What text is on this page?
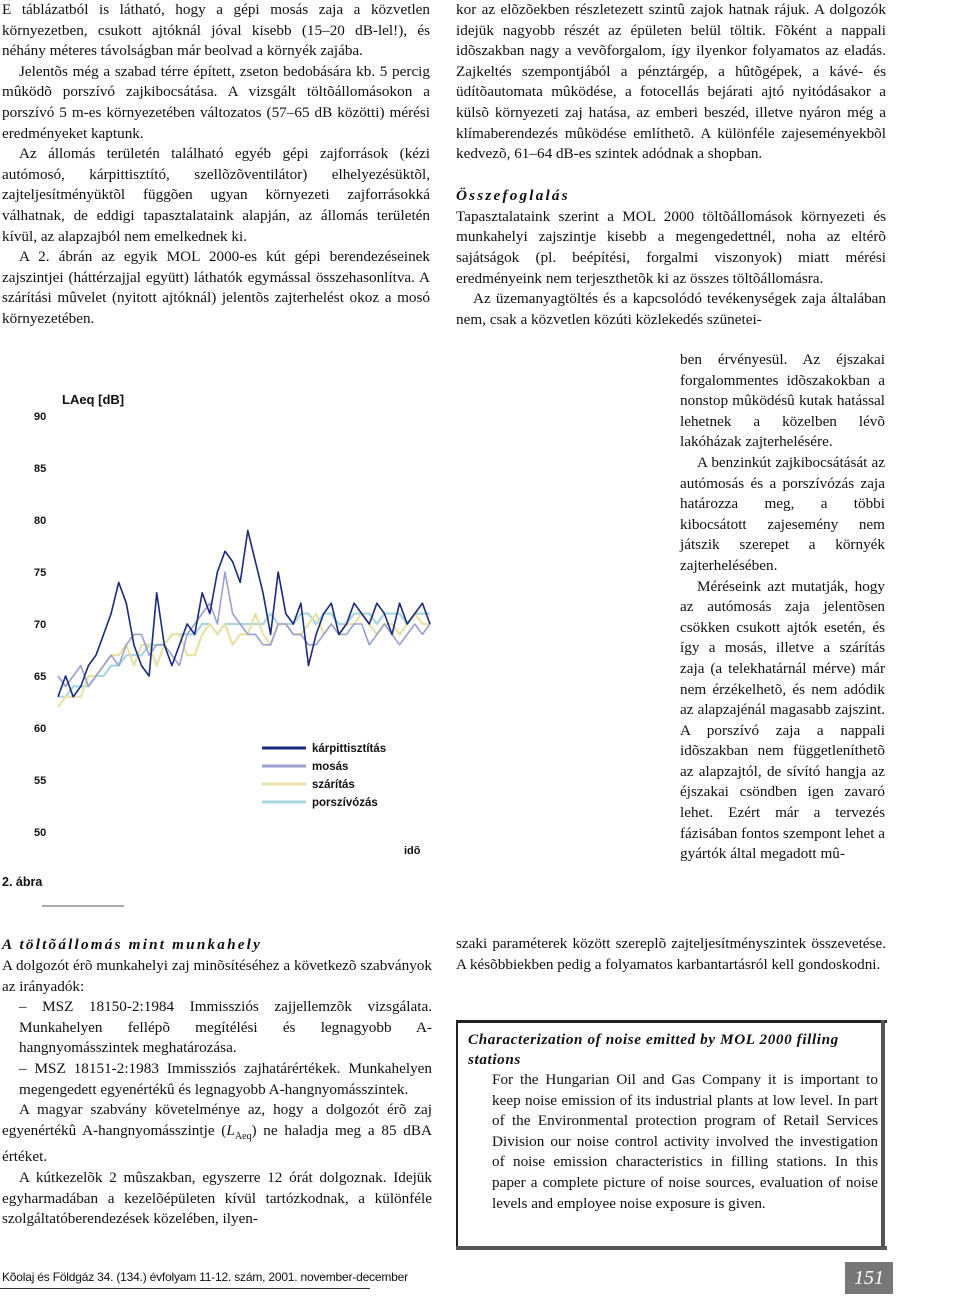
E táblázatból is látható, hogy a gépi mosás zaja a közvetlen környezetben, csukott ajtóknál jóval kisebb (15–20 dB-lel!), és néhány méteres távolságban már beolvad a környék zajába.

Jelentõs még a szabad térre épített, zseton bedobására kb. 5 percig mûködõ porszívó zajkibocsátása. A vizsgált töltõállomásokon a porszívó 5 m-es környezetében változatos (57–65 dB közötti) mérési eredményeket kaptunk.

Az állomás területén található egyéb gépi zajforrások (kézi autómosó, kárpittisztító, szellõzõventilátor) elhelyezésüktõl, zajteljesítményüktõl függõen ugyan környezeti zajforrásokká válhatnak, de eddigi tapasztalataink alapján, az állomás területén kívül, az alapzajból nem emelkednek ki.

A 2. ábrán az egyik MOL 2000-es kút gépi berendezéseinek zajszintjei (háttérzajjal együtt) láthatók egymással összehasonlítva. A szárítási mûvelet (nyitott ajtóknál) jelentõs zajterhelést okoz a mosó környezetében.

LAeq [dB]
90
85
80
75
70
65
60
55
50
kárpittisztítás
mosás
szárítás
porszívózás
idõ
2. ábra
A töltõállomás mint munkahely

A dolgozót érõ munkahelyi zaj minõsítéséhez a következõ szabványok az irányadók:

– MSZ 18150-2:1984 Immissziós zajjellemzõk vizsgálata. Munkahelyen fellépõ megítélési és legnagyobb A-hangnyomásszintek meghatározása.

– MSZ 18151-2:1983 Immissziós zajhatárértékek. Munkahelyen megengedett egyenértékû és legnagyobb A-hangnyomásszintek.

A magyar szabvány követelménye az, hogy a dolgozót érõ zaj egyenértékû A-hangnyomásszintje $(L_{Aeq})$ ne haladja meg a 85 dBA értéket.

A kútkezelõk 2 mûszakban, egyszerre 12 órát dolgoznak. Idejük egyharmadában a kezelõépületen kívül tartózkodnak, a különféle szolgáltatóberendezések közelében, ilyen-

kor az elõzõekben részletezett szintû zajok hatnak rájuk. A dolgozók idejük nagyobb részét az épületen belül töltik. Fõként a nappali idõszakban nagy a vevõforgalom, így ilyenkor folyamatos az eladás. Zajkeltés szempontjából a pénztárgép, a hûtõgépek, a kávé- és üdítõautomata mûködése, a fotocellás bejárati ajtó nyitódásakor a külsõ környezeti zaj hatása, az emberi beszéd, illetve nyáron még a klímaberendezés mûködése említhetõ. A különféle zajeseményekbõl kedvezõ, 61–64 dB-es szintek adódnak a shopban.

Összefoglalás

Tapasztalataink szerint a MOL 2000 töltõállomások környezeti és munkahelyi zajszintje kisebb a megengedettnél, noha az eltérõ sajátságok (pl. beépítési, forgalmi viszonyok) miatt mérési eredményeink nem terjeszthetõk ki az összes töltõállomásra.

Az üzemanyagtöltés és a kapcsolódó tevékenységek zaja általában nem, csak a közvetlen közúti közlekedés szünetei-

ben érvényesül. Az éjszakai forgalommentes idõszakokban a nonstop mûködésû kutak hatással lehetnek a közelben lévõ lakóházak zajterhelésére.

A benzinkút zajkibocsátását az autómosás és a porszívózás zaja határozza meg, a többi kibocsátott zajesemény nem játszik szerepet a környék zajterhelésében.

Méréseink azt mutatják, hogy az autómosás zaja jelentõsen csökken csukott ajtók esetén, és így a mosás, illetve a szárítás zaja (a telekhatárnál mérve) már nem érzékelhetõ, és nem adódik az alapzajénál magasabb zajszint. A porszívó zaja a nappali idõszakban nem függetleníthetõ az alapzajtól, de sívító hangja az éjszakai csöndben igen zavaró lehet. Ezért már a tervezés fázisában fontos szempont lehet a gyártók által megadott mû-

szaki paraméterek között szereplõ zajteljesítményszintek összevetése. A késõbbiekben pedig a folyamatos karbantartásról kell gondoskodni.

Characterization of noise emitted by MOL 2000 filling stations
For the Hungarian Oil and Gas Company it is important to keep noise emission of its industrial plants at low level. In part of the Environmental protection program of Retail Services Division our noise control activity involved the investigation of noise emission characteristics in filling stations. In this paper a complete picture of noise sources, evaluation of noise levels and employee noise exposure is given.
Kõolaj és Földgáz 34. (134.) évfolyam 11-12. szám, 2001. november-december	151
